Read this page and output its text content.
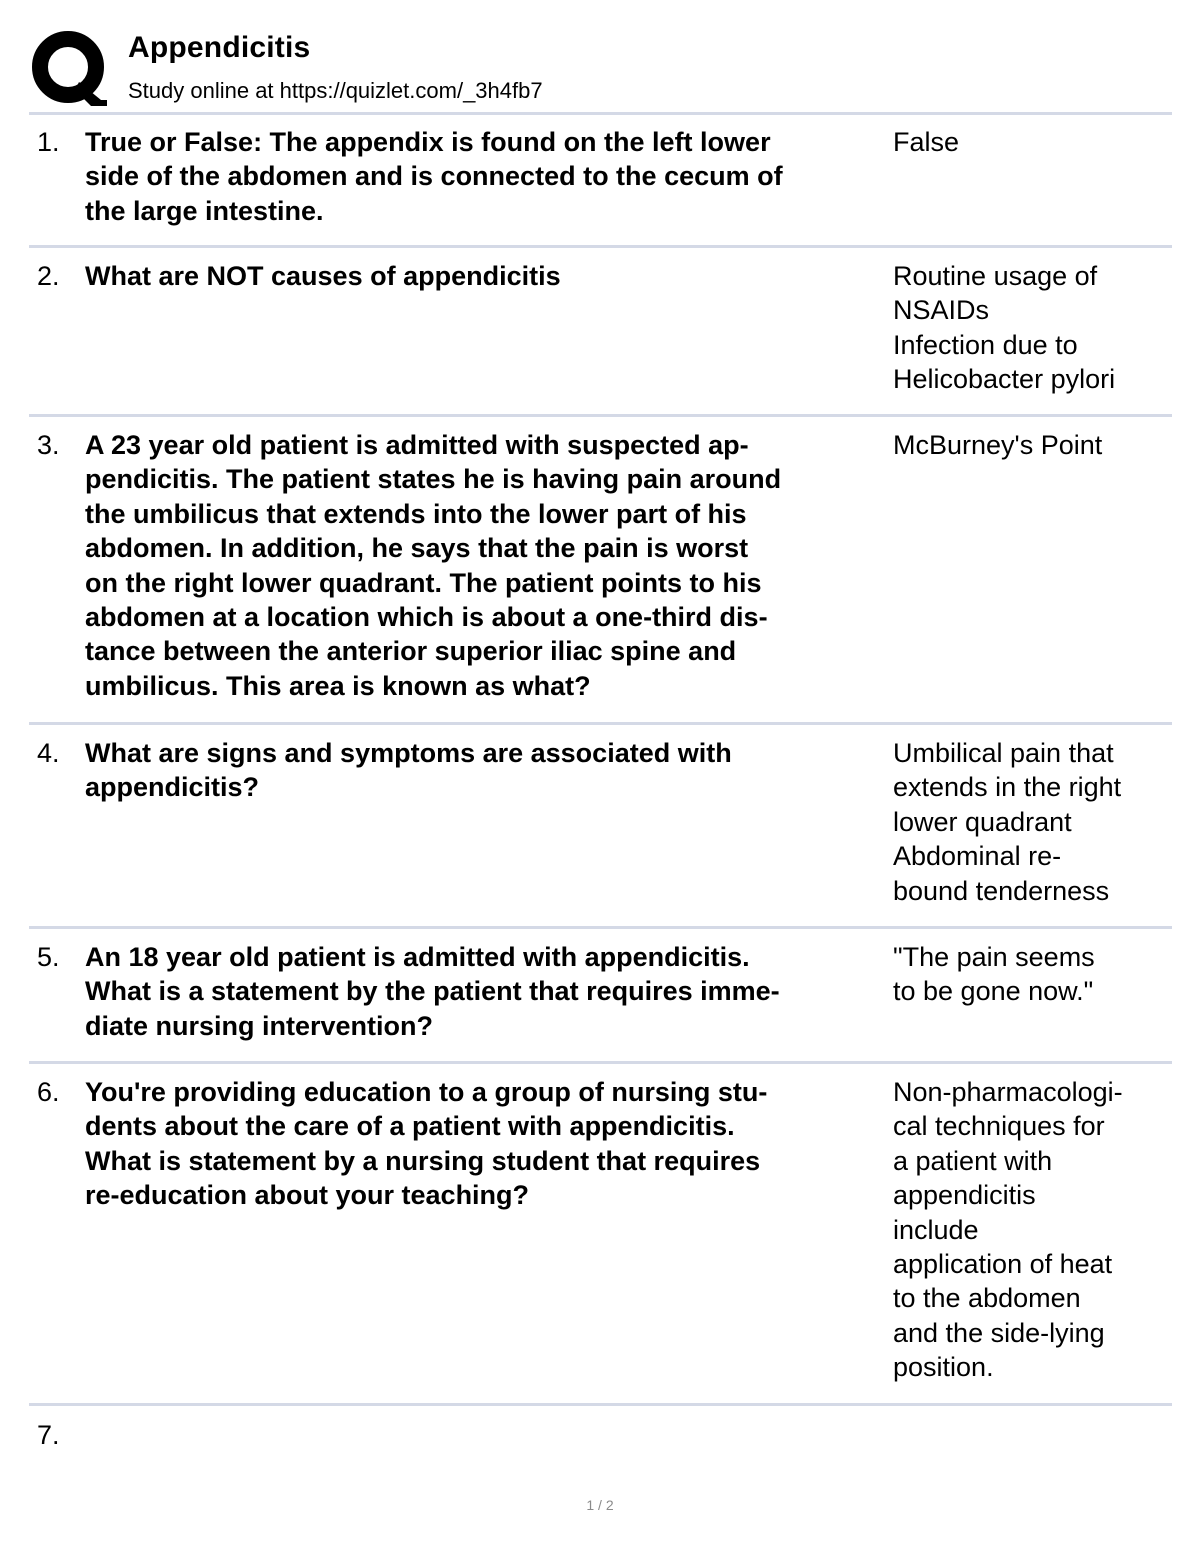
Appendicitis
Study online at https://quizlet.com/_3h4fb7
1. True or False: The appendix is found on the left lower
side of the abdomen and is connected to the cecum of
the large intestine.
False
2. What are NOT causes of appendicitis	Routine usage of
NSAIDs
Infection due to
Helicobacter pylori
3. A 23 year old patient is admitted with suspected ap-
pendicitis. The patient states he is having pain around
the umbilicus that extends into the lower part of his
abdomen. In addition, he says that the pain is worst
on the right lower quadrant. The patient points to his
abdomen at a location which is about a one-third dis-
tance between the anterior superior iliac spine and
umbilicus. This area is known as what?
McBurney's Point
4. What are signs and symptoms are associated with
appendicitis?
Umbilical pain that
extends in the right
lower quadrant
Abdominal re-
bound tenderness
5. An 18 year old patient is admitted with appendicitis.
What is a statement by the patient that requires imme-
diate nursing intervention?
"The pain seems
to be gone now."
6. You're providing education to a group of nursing stu-
dents about the care of a patient with appendicitis.
What is statement by a nursing student that requires
re-education about your teaching?
Non-pharmacologi-
cal techniques for
a patient with
appendicitis
include
application of heat
to the abdomen
and the side-lying
position.
7.
1 / 2
